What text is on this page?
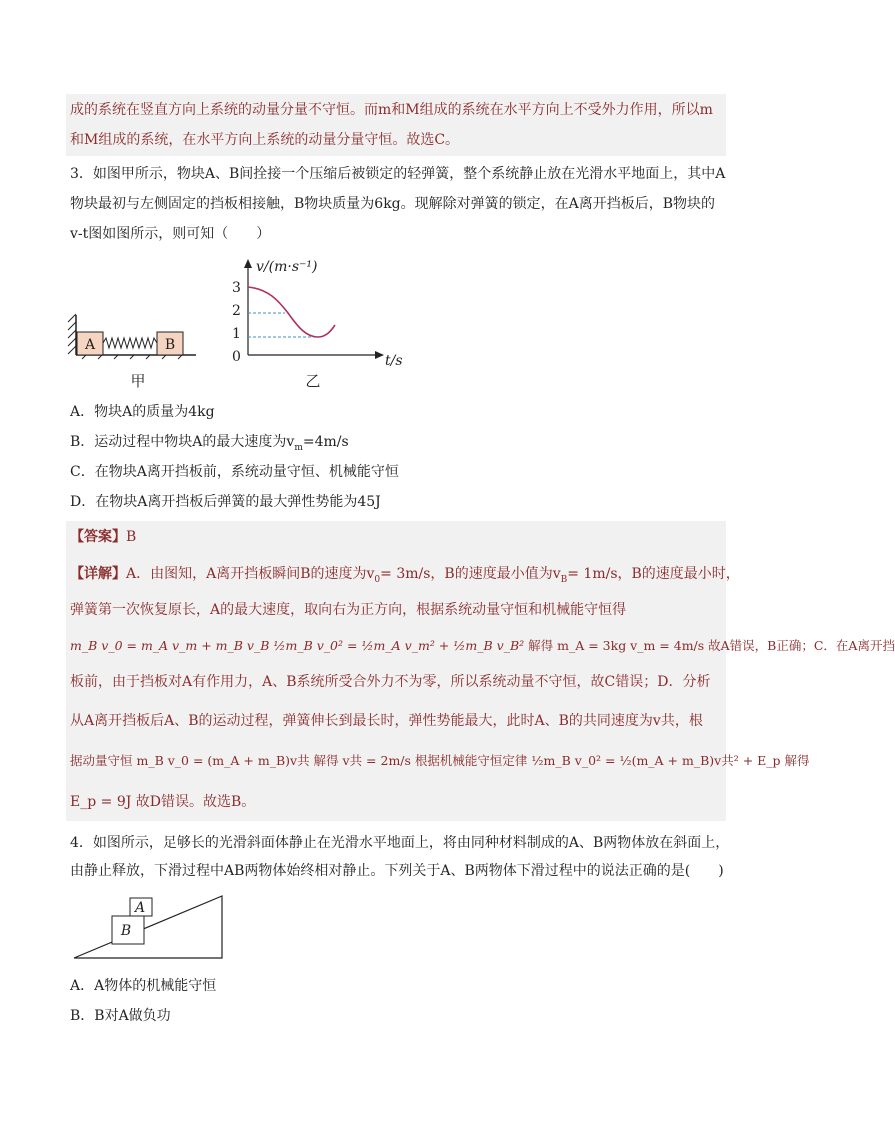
成的系统在竖直方向上系统的动量分量不守恒。而m和M组成的系统在水平方向上不受外力作用，所以m
和M组成的系统，在水平方向上系统的动量分量守恒。故选C。
3．如图甲所示，物块A、B间拴接一个压缩后被锁定的轻弹簧，整个系统静止放在光滑水平地面上，其中A
物块最初与左侧固定的挡板相接触，B物块质量为6kg。现解除对弹簧的锁定，在A离开挡板后，B物块的
v-t图如图所示，则可知（　　）
A	B
甲
v/(m·s⁻¹)
t/s
3
2
1
0
乙
A．物块A的质量为4kg
B．运动过程中物块A的最大速度为$v_m=4m/s$
C．在物块A离开挡板前，系统动量守恒、机械能守恒
D．在物块A离开挡板后弹簧的最大弹性势能为45J
【答案】B
【详解】A．由图知，A离开挡板瞬间B的速度为$v_0= 3m/s$，B的速度最小值为$v_B= 1m/s$，B的速度最小时，
弹簧第一次恢复原长，A的最大速度，取向右为正方向，根据系统动量守恒和机械能守恒得
m_B v_0 = m_A v_m + m_B v_B ½m_B v_0² = ½m_A v_m² + ½m_B v_B² 解得 m_A = 3kg v_m = 4m/s 故A错误，B正确；C．在A离开挡
板前，由于挡板对A有作用力，A、B系统所受合外力不为零，所以系统动量不守恒，故C错误；D．分析
从A离开挡板后A、B的运动过程，弹簧伸长到最长时，弹性势能最大，此时A、B的共同速度为v共，根
据动量守恒 m_B v_0 = (m_A + m_B)v共 解得 v共 = 2m/s 根据机械能守恒定律 ½m_B v_0² = ½(m_A + m_B)v共² + E_p 解得
E_p = 9J 故D错误。故选B。
4．如图所示，足够长的光滑斜面体静止在光滑水平地面上，将由同种材料制成的A、B两物体放在斜面上，
由静止释放，下滑过程中AB两物体始终相对静止。下列关于A、B两物体下滑过程中的说法正确的是(　　)
A
B
A．A物体的机械能守恒
B．B对A做负功
